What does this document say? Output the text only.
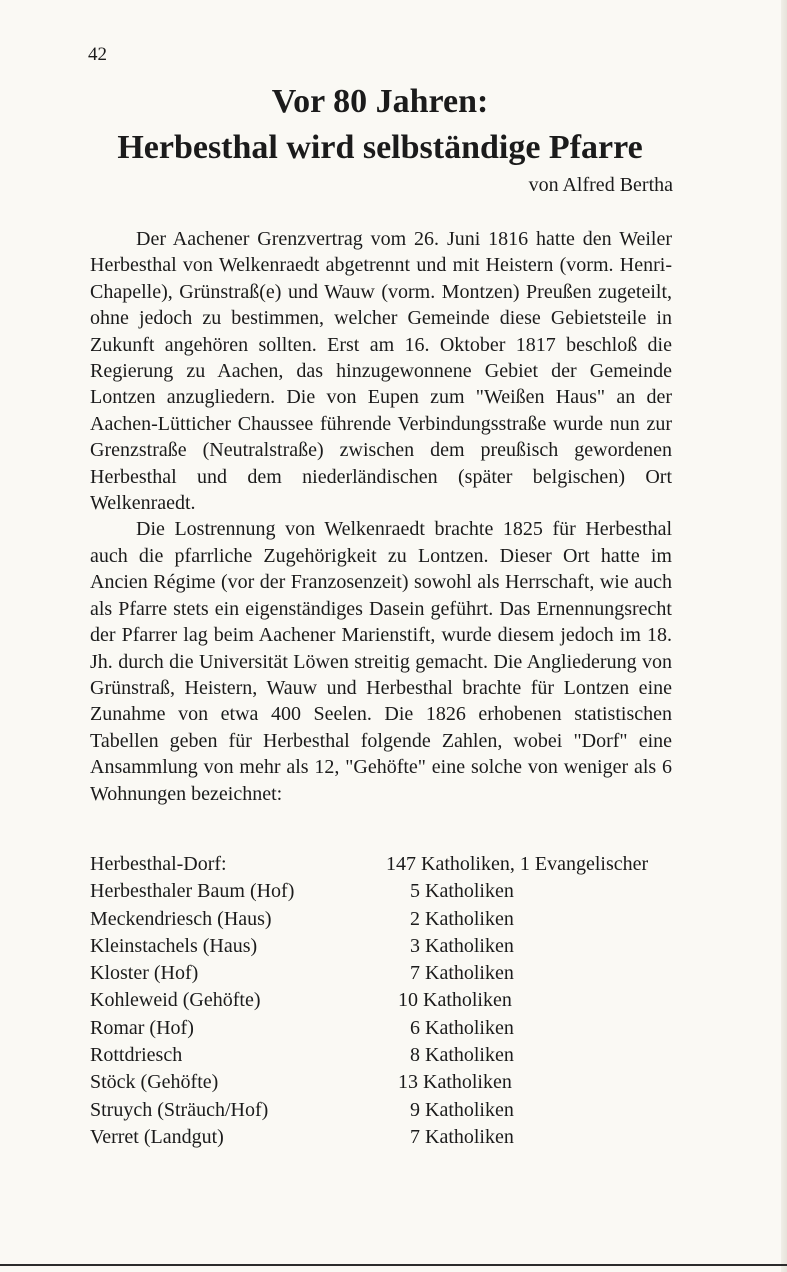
42
Vor 80 Jahren:
Herbesthal wird selbständige Pfarre
von Alfred Bertha

Der Aachener Grenzvertrag vom 26. Juni 1816 hatte den Weiler Herbesthal von Welkenraedt abgetrennt und mit Heistern (vorm. Henri-Chapelle), Grünstraß(e) und Wauw (vorm. Montzen) Preußen zugeteilt, ohne jedoch zu bestimmen, welcher Gemeinde diese Gebietsteile in Zukunft angehören sollten. Erst am 16. Oktober 1817 beschloß die Regierung zu Aachen, das hinzugewonnene Gebiet der Gemeinde Lontzen anzugliedern. Die von Eupen zum "Weißen Haus" an der Aachen-Lütticher Chaussee führende Verbindungsstraße wurde nun zur Grenzstraße (Neutralstraße) zwischen dem preußisch gewordenen Herbesthal und dem niederländischen (später belgischen) Ort Welkenraedt.

Die Lostrennung von Welkenraedt brachte 1825 für Herbesthal auch die pfarrliche Zugehörigkeit zu Lontzen. Dieser Ort hatte im Ancien Régime (vor der Franzosenzeit) sowohl als Herrschaft, wie auch als Pfarre stets ein eigenständiges Dasein geführt. Das Ernennungsrecht der Pfarrer lag beim Aachener Marienstift, wurde diesem jedoch im 18. Jh. durch die Universität Löwen streitig gemacht. Die Angliederung von Grünstraß, Heistern, Wauw und Herbesthal brachte für Lontzen eine Zunahme von etwa 400 Seelen. Die 1826 erhobenen statistischen Tabellen geben für Herbesthal folgende Zahlen, wobei "Dorf" eine Ansammlung von mehr als 12, "Gehöfte" eine solche von weniger als 6 Wohnungen bezeichnet:

Herbesthal-Dorf:	147 Katholiken, 1 Evangelischer
Herbesthaler Baum (Hof)	5 Katholiken
Meckendriesch (Haus)	2 Katholiken
Kleinstachels (Haus)	3 Katholiken
Kloster (Hof)	7 Katholiken
Kohleweid (Gehöfte)	10 Katholiken
Romar (Hof)	6 Katholiken
Rottdriesch	8 Katholiken
Stöck (Gehöfte)	13 Katholiken
Struych (Sträuch/Hof)	9 Katholiken
Verret (Landgut)	7 Katholiken
